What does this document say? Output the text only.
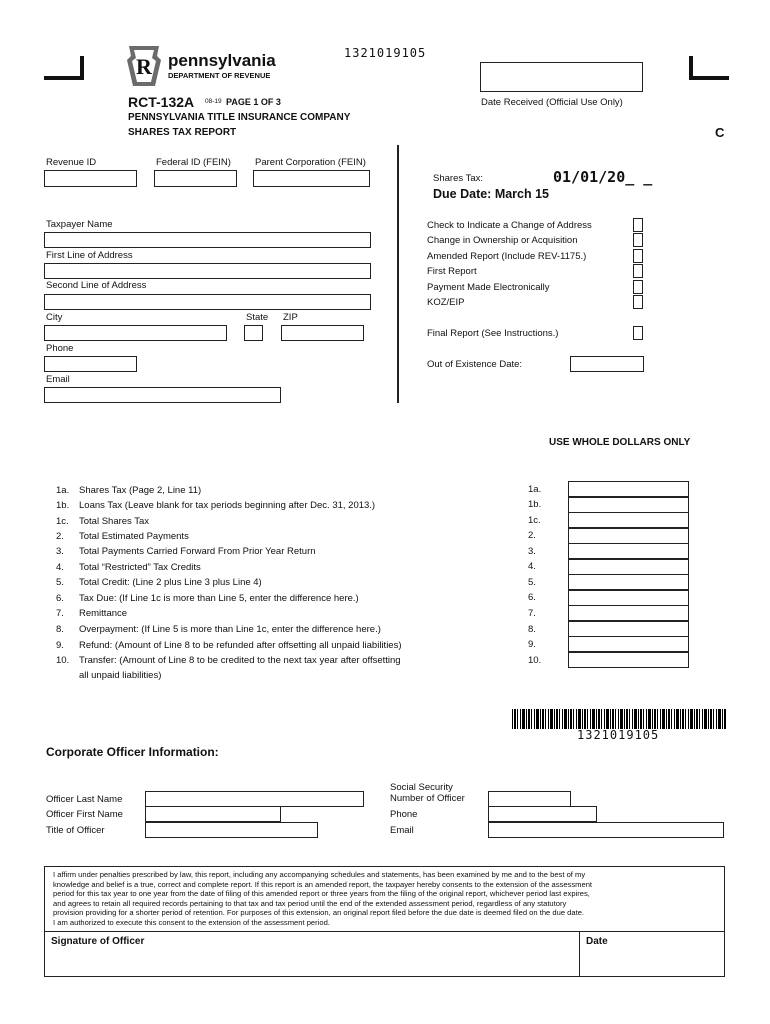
R pennsylvania
DEPARTMENT OF REVENUE
1321019105
Date Received (Official Use Only)
C
RCT-132A 08-19 PAGE 1 OF 3
PENNSYLVANIA TITLE INSURANCE COMPANY
SHARES TAX REPORT
Revenue ID	Federal ID (FEIN)	Parent Corporation (FEIN)
Taxpayer Name
First Line of Address
Second Line of Address
City	State ZIP
Phone
Email
Shares Tax:	01/01/20_ _
Due Date: March 15
Check to Indicate a Change of Address
Change in Ownership or Acquisition
Amended Report (Include REV-1175.)
First Report
Payment Made Electronically
KOZ/EIP
Final Report (See Instructions.)
Out of Existence Date:
USE WHOLE DOLLARS ONLY
1a. Shares Tax (Page 2, Line 11)
1b. Loans Tax (Leave blank for tax periods beginning after Dec. 31, 2013.)
1c. Total Shares Tax
2. Total Estimated Payments
3. Total Payments Carried Forward From Prior Year Return
4. Total “Restricted” Tax Credits
5. Total Credit: (Line 2 plus Line 3 plus Line 4)
6. Tax Due: (If Line 1c is more than Line 5, enter the difference here.)
7. Remittance
8. Overpayment: (If Line 5 is more than Line 1c, enter the difference here.)
9. Refund: (Amount of Line 8 to be refunded after offsetting all unpaid liabilities)
10. Transfer: (Amount of Line 8 to be credited to the next tax year after offsetting
all unpaid liabilities)
1a.
1b.
1c.
2.
3.
4.
5.
6.
7.
8.
9.
10.
1321019105
Corporate Officer Information:
Officer Last Name
Officer First Name
Title of Officer
Social Security
Number of Officer
Phone
Email
I affirm under penalties prescribed by law, this report, including any accompanying schedules and statements, has been examined by me and to the best of my
knowledge and belief is a true, correct and complete report. If this report is an amended report, the taxpayer hereby consents to the extension of the assessment
period for this tax year to one year from the date of filing of this amended report or three years from the filing of the original report, whichever period last expires,
and agrees to retain all required records pertaining to that tax and tax period until the end of the extended assessment period, regardless of any statutory
provision providing for a shorter period of retention. For purposes of this extension, an original report filed before the due date is deemed filed on the due date.
I am authorized to execute this consent to the extension of the assessment period.
Signature of Officer	Date
